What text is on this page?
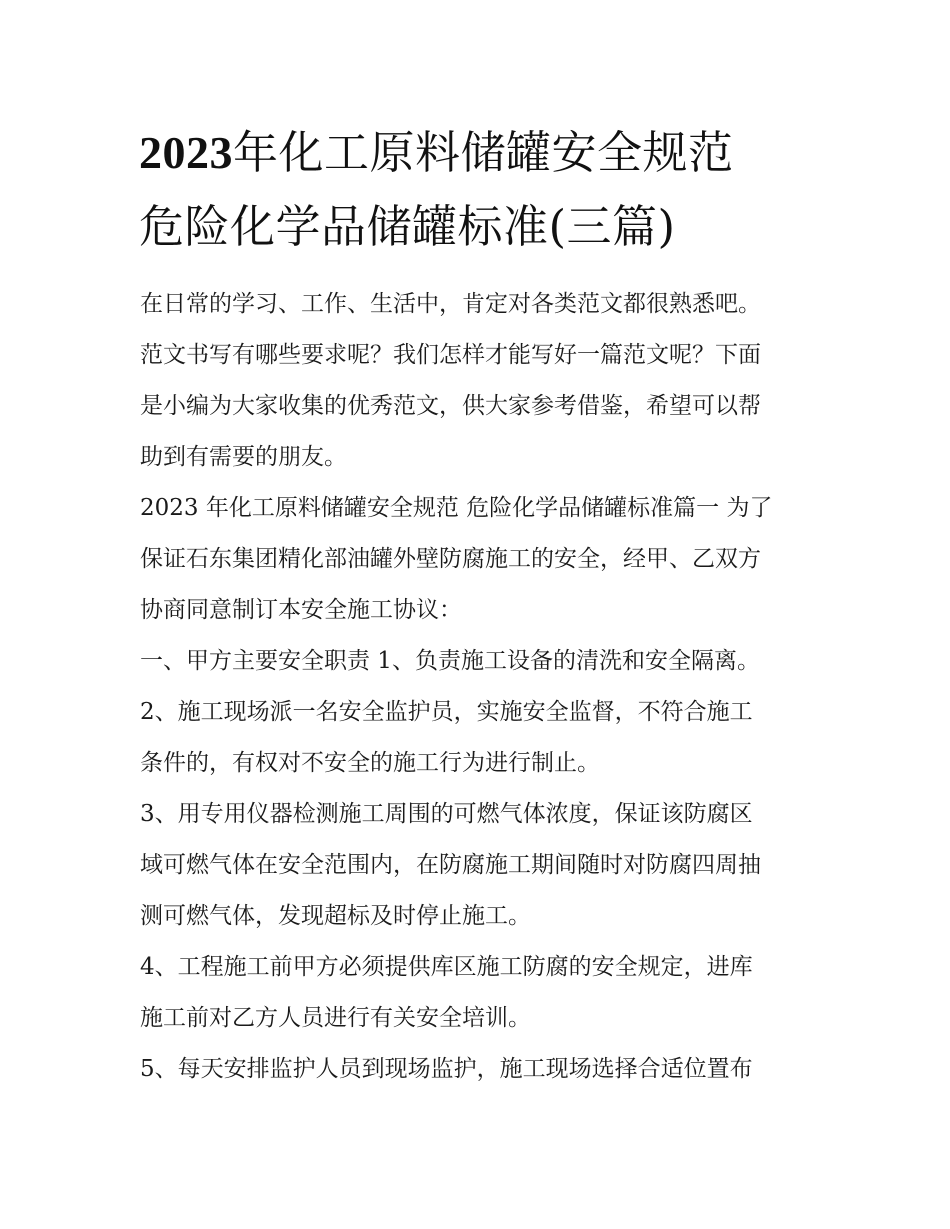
2023年化工原料储罐安全规范
危险化学品储罐标准(三篇)

在日常的学习、工作、生活中，肯定对各类范文都很熟悉吧。
范文书写有哪些要求呢？我们怎样才能写好一篇范文呢？下面
是小编为大家收集的优秀范文，供大家参考借鉴，希望可以帮
助到有需要的朋友。

2023 年化工原料储罐安全规范 危险化学品储罐标准篇一 为了
保证石东集团精化部油罐外壁防腐施工的安全，经甲、乙双方
协商同意制订本安全施工协议：

一、甲方主要安全职责 1、负责施工设备的清洗和安全隔离。

2、施工现场派一名安全监护员，实施安全监督，不符合施工
条件的，有权对不安全的施工行为进行制止。

3、用专用仪器检测施工周围的可燃气体浓度，保证该防腐区
域可燃气体在安全范围内，在防腐施工期间随时对防腐四周抽
测可燃气体，发现超标及时停止施工。

4、工程施工前甲方必须提供库区施工防腐的安全规定，进库
施工前对乙方人员进行有关安全培训。

5、每天安排监护人员到现场监护，施工现场选择合适位置布
